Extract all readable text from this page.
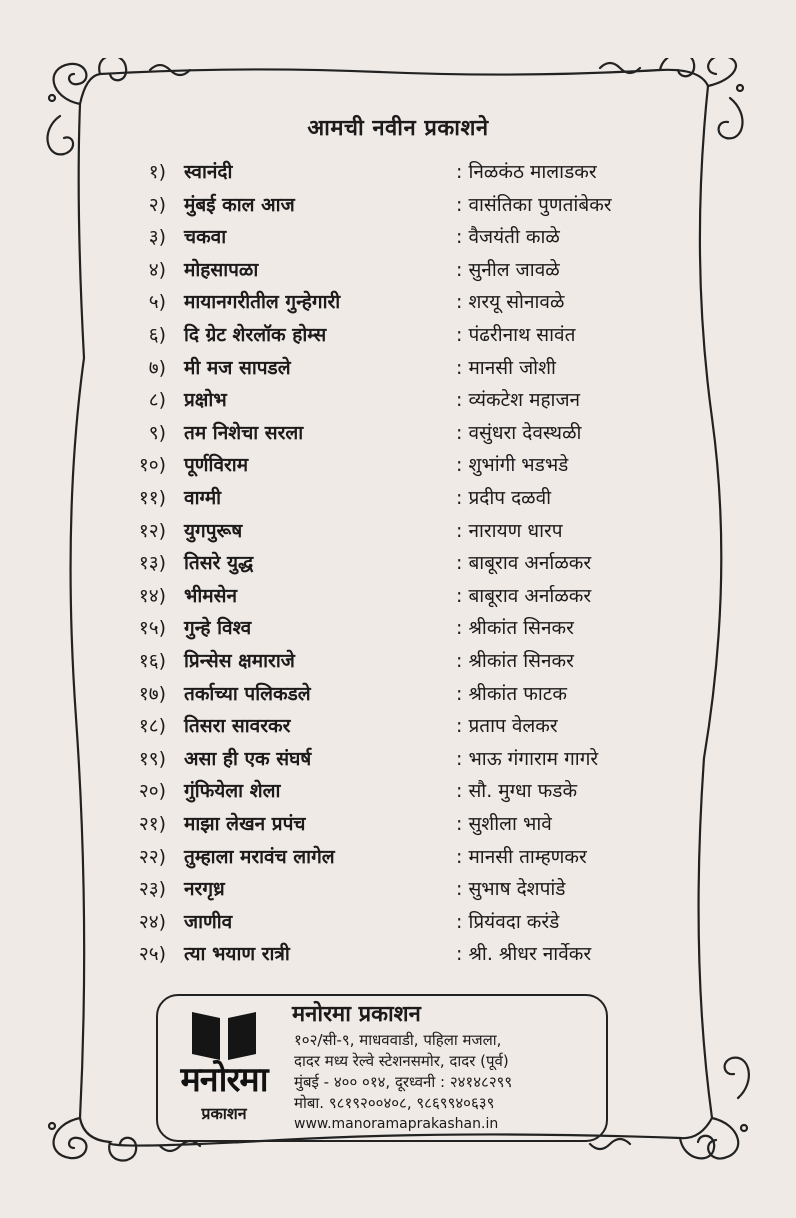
आमची नवीन प्रकाशने
१) स्वानंदी	: निळकंठ मालाडकर
२) मुंबई काल आज	: वासंतिका पुणतांबेकर
३) चकवा	: वैजयंती काळे
४) मोहसापळा	: सुनील जावळे
५) मायानगरीतील गुन्हेगारी	: शरयू सोनावळे
६) दि ग्रेट शेरलॉक होम्स	: पंढरीनाथ सावंत
७) मी मज सापडले	: मानसी जोशी
८) प्रक्षोभ	: व्यंकटेश महाजन
९) तम निशेचा सरला	: वसुंधरा देवस्थळी
१०) पूर्णविराम	: शुभांगी भडभडे
११) वाग्मी	: प्रदीप दळवी
१२) युगपुरूष	: नारायण धारप
१३) तिसरे युद्ध	: बाबूराव अर्नाळकर
१४) भीमसेन	: बाबूराव अर्नाळकर
१५) गुन्हे विश्व	: श्रीकांत सिनकर
१६) प्रिन्सेस क्षमाराजे	: श्रीकांत सिनकर
१७) तर्काच्या पलिकडले	: श्रीकांत फाटक
१८) तिसरा सावरकर	: प्रताप वेलकर
१९) असा ही एक संघर्ष	: भाऊ गंगाराम गागरे
२०) गुंफियेला शेला	: सौ. मुग्धा फडके
२१) माझा लेखन प्रपंच	: सुशीला भावे
२२) तुम्हाला मरावंच लागेल	: मानसी ताम्हणकर
२३) नरगृध्र	: सुभाष देशपांडे
२४) जाणीव	: प्रियंवदा करंडे
२५) त्या भयाण रात्री	: श्री. श्रीधर नार्वेकर
मनोरमा
प्रकाशन
मनोरमा प्रकाशन
१०२/सी-९, माधववाडी, पहिला मजला,
दादर मध्य रेल्वे स्टेशनसमोर, दादर (पूर्व)
मुंबई - ४०० ०१४, दूरध्वनी : २४१४८२९९
मोबा. ९८१९२००४०८, ९८६९९४०६३९
www.manoramaprakashan.in
